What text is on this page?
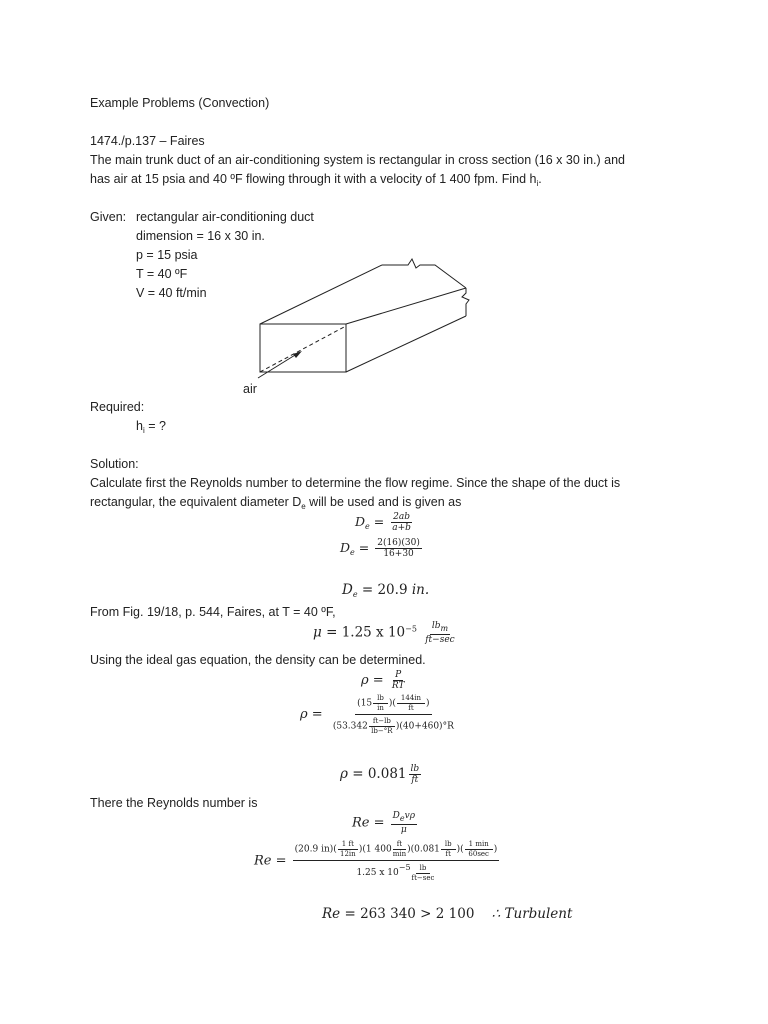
Example Problems (Convection)
1474./p.137 – Faires
The main trunk duct of an air-conditioning system is rectangular in cross section (16 x 30 in.) and
has air at 15 psia and 40 ºF flowing through it with a velocity of 1 400 fpm. Find $h_i$.
Given: rectangular air-conditioning duct
dimension = 16 x 30 in.
p = 15 psia
T = 40 ºF
V = 40 ft/min
air
Required:
$h_i$ = ?
Solution:
Calculate first the Reynolds number to determine the flow regime. Since the shape of the duct is
rectangular, the equivalent diameter $D_e$ will be used and is given as
$D_e = \frac{2ab}{a+b}$
$D_e = \frac{2(16)(30)}{16+30}$
$D_e = 20.9$ in.
From Fig. 19/18, p. 544, Faires, at T = 40 ºF,
μ = 1.25 x $10^{-5} \frac{\text{lbm}}{ft-\sec}$
Using the ideal gas equation, the density can be determined.
$\rho = \frac{P}{RT}$
$\rho = \frac{(15 \frac{lb}{in} )( \frac{144in}{ft} )}{(53.342 \frac{ft-lb}{lb-^\circ R} )(40+460)^\circ R}$
$\rho = 0.081 \frac{lb}{ft}$
There the Reynolds number is
$Re = \frac{\text{Devρ}}{\mu}$
Re = (20.9 $in)( \frac{1 ft}{12in} )(1$ 400
ft
$\min )(0.081 \frac{lb}{ft}$ )(
1 min
60sec )
1.25 x 10−5	lb
ft−sec
Re = 263 340 > 2 100 ∴ Turbulent
